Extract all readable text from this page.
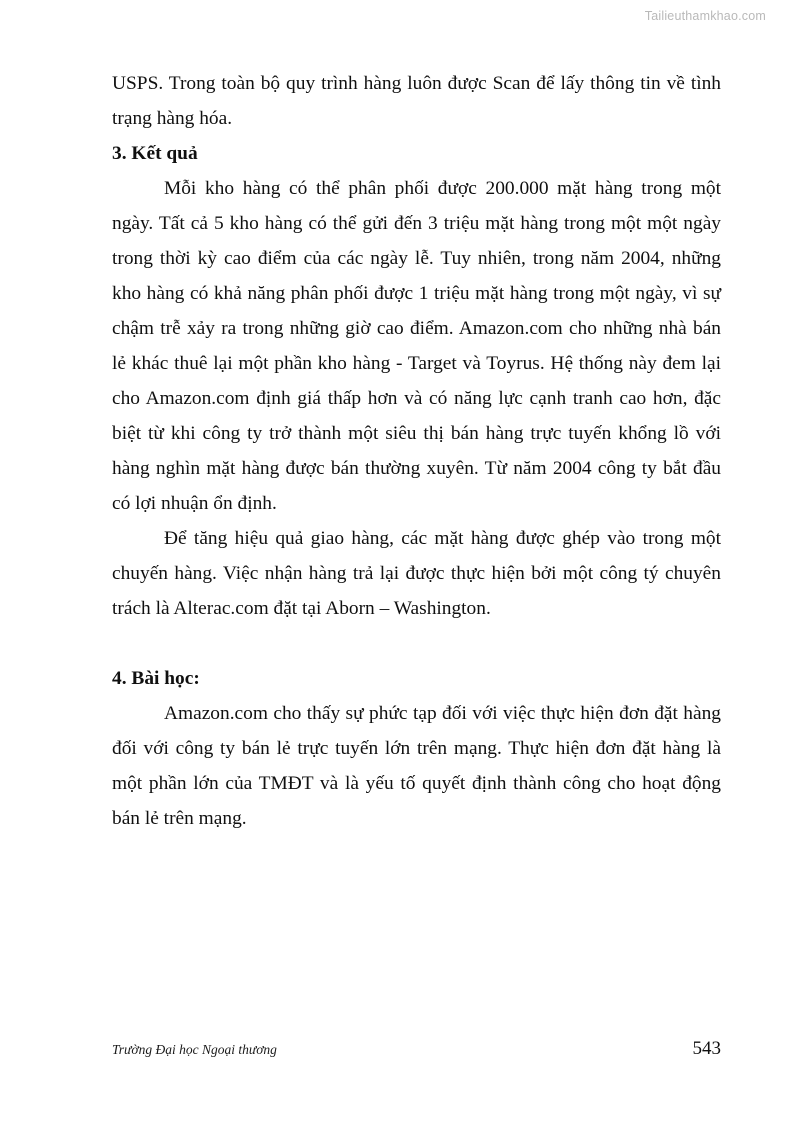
Tailieuthamkhao.com

USPS. Trong toàn bộ quy trình hàng luôn được Scan để lấy thông tin về tình trạng hàng hóa.

3. Kết quả

Mỗi kho hàng có thể phân phối được 200.000 mặt hàng trong một ngày. Tất cả 5 kho hàng có thể gửi đến 3 triệu mặt hàng trong một một ngày trong thời kỳ cao điểm của các ngày lễ. Tuy nhiên, trong năm 2004, những kho hàng có khả năng phân phối được 1 triệu mặt hàng trong một ngày, vì sự chậm trễ xảy ra trong những giờ cao điểm. Amazon.com cho những nhà bán lẻ khác thuê lại một phần kho hàng - Target và Toyrus. Hệ thống này đem lại cho Amazon.com định giá thấp hơn và có năng lực cạnh tranh cao hơn, đặc biệt từ khi công ty trở thành một siêu thị bán hàng trực tuyến khổng lồ với hàng nghìn mặt hàng được bán thường xuyên. Từ năm 2004 công ty bắt đầu có lợi nhuận ổn định.

Để tăng hiệu quả giao hàng, các mặt hàng được ghép vào trong một chuyến hàng. Việc nhận hàng trả lại được thực hiện bởi một công tý chuyên trách là Alterac.com đặt tại Aborn – Washington.

4. Bài học:

Amazon.com cho thấy sự phức tạp đối với việc thực hiện đơn đặt hàng đối với công ty bán lẻ trực tuyến lớn trên mạng. Thực hiện đơn đặt hàng là một phần lớn của TMĐT và là yếu tố quyết định thành công cho hoạt động bán lẻ trên mạng.

Trường Đại học Ngoại thương	543
